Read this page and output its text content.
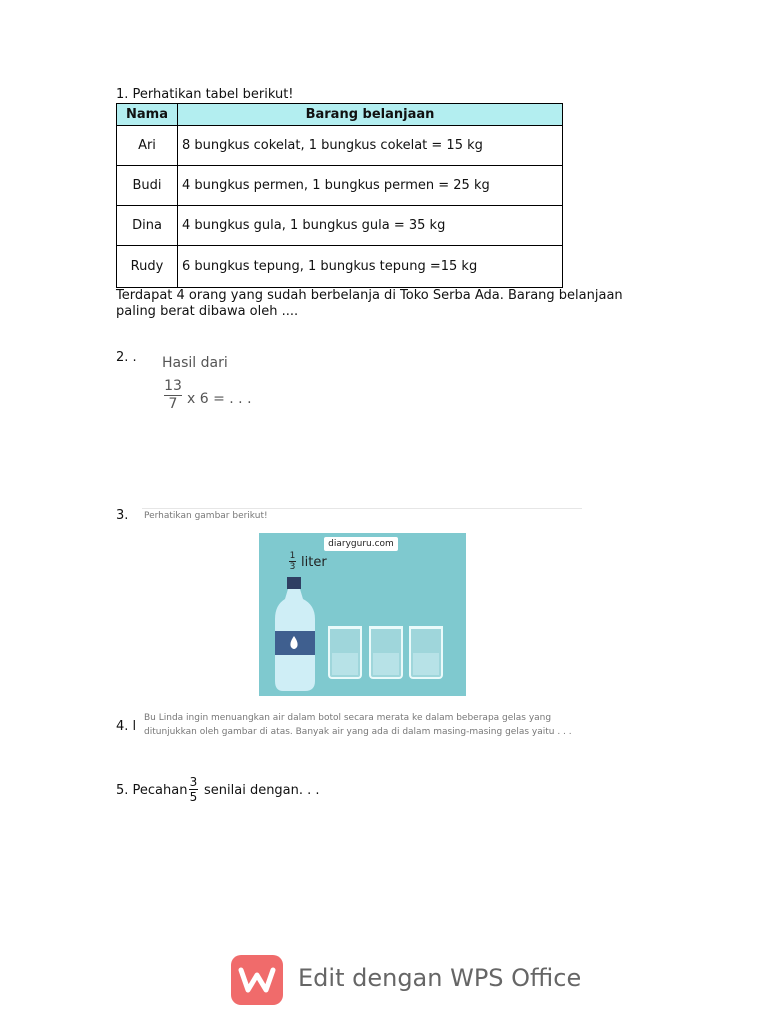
1. Perhatikan tabel berikut!
Nama	Barang belanjaan
Ari	8 bungkus cokelat, 1 bungkus cokelat = 15 kg
Budi	4 bungkus permen, 1 bungkus permen = 25 kg
Dina	4 bungkus gula, 1 bungkus gula = 35 kg
Rudy	6 bungkus tepung, 1 bungkus tepung =15 kg
Terdapat 4 orang yang sudah berbelanja di Toko Serba Ada. Barang belanjaan
paling berat dibawa oleh ....
2. . Hasil dari
13
7 x 6 = . . .
3. Perhatikan gambar berikut!
diaryguru.com
1
3 liter
4. l
Bu Linda ingin menuangkan air dalam botol secara merata ke dalam beberapa gelas yang
ditunjukkan oleh gambar di atas. Banyak air yang ada di dalam masing-masing gelas yaitu . . .
5. Pecahan
3
5 senilai dengan. . .
Edit dengan WPS Office
